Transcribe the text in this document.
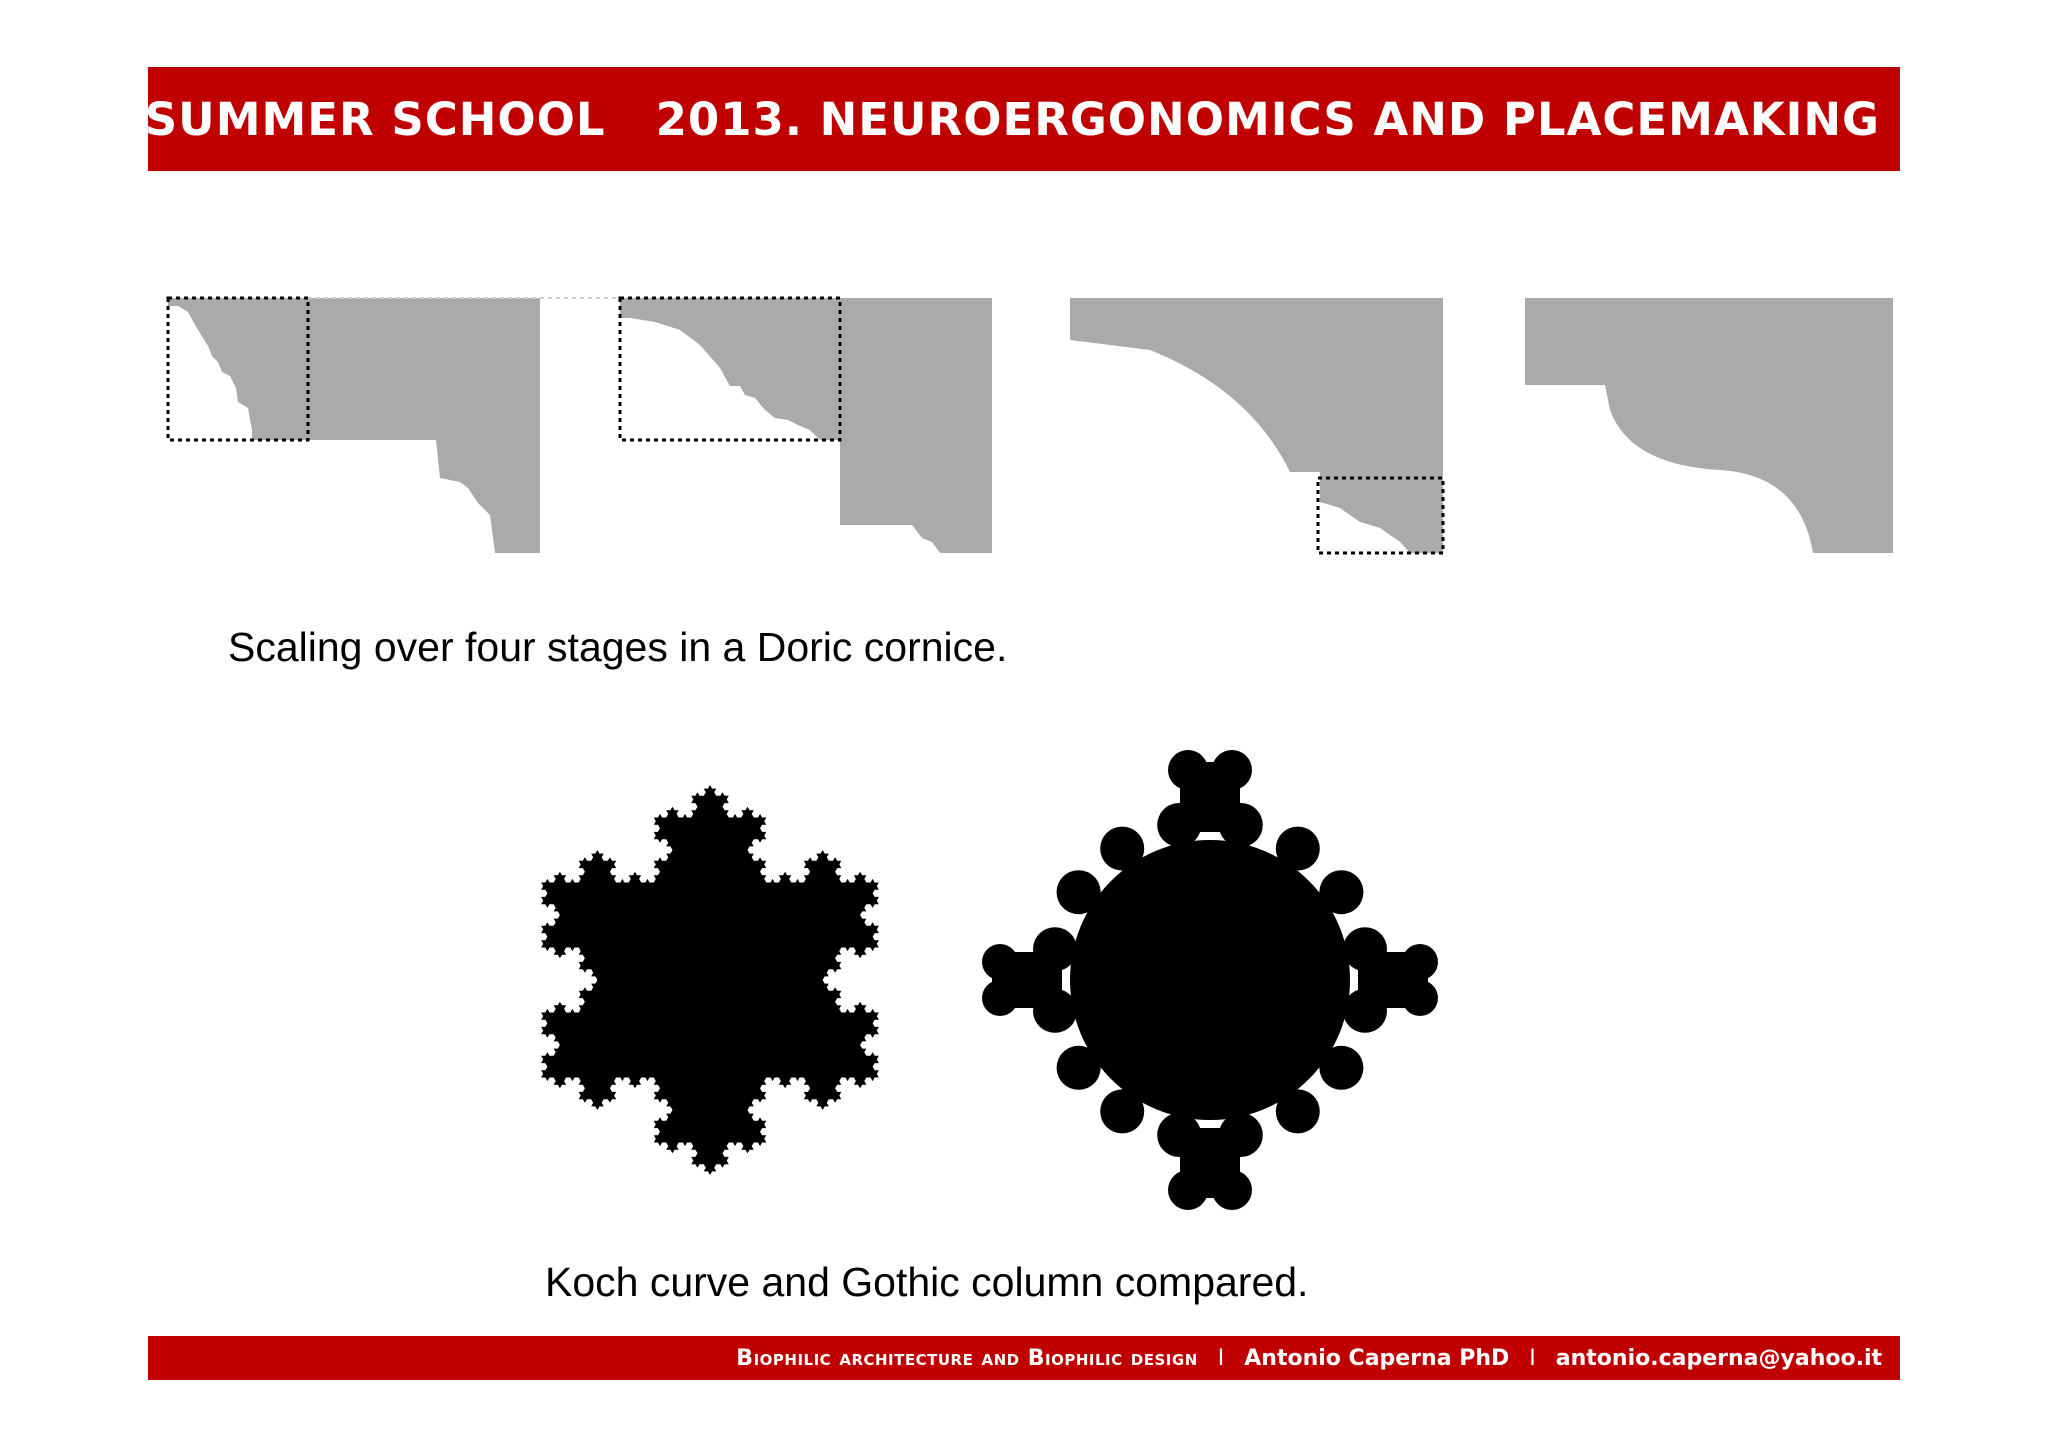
ISB SUMMER SCHOOL   2013. NEUROERGONOMICS AND PLACEMAKING
Scaling over four stages in a Doric cornice.
Koch curve and Gothic column compared.
Biophilic architecture and Biophilic design I Antonio Caperna PhD I antonio.caperna@yahoo.it
